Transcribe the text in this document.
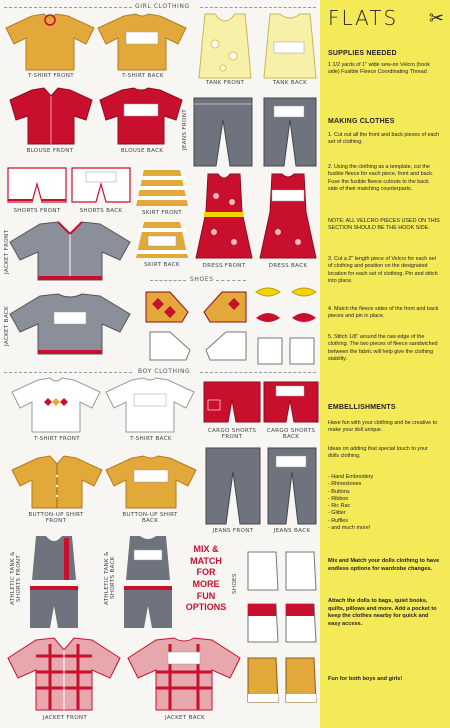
GIRL CLOTHING
T-SHIRT FRONT	T-SHIRT BACK
TANK FRONT	TANK BACK
BLOUSE FRONT	BLOUSE BACK
JEANS FRONT
SHORTS FRONT	SHORTS BACK	SKIRT FRONT
SKIRT BACK	DRESS FRONT	DRESS BACK
JACKET FRONT
JACKET BACK
SHOES
BOY CLOTHING
T-SHIRT FRONT	T-SHIRT BACK
CARGO SHORTS FRONT
CARGO SHORTS BACK
BUTTON-UP SHIRT FRONT
BUTTON-UP SHIRT BACK
JEANS FRONT	JEANS BACK
ATHLETIC TANK & SHORTS FRONT	ATHLETIC TANK & SHORTS BACK
MIX &
MATCH
FOR
MORE
FUN
OPTIONS
SHOES
JACKET FRONT	JACKET BACK
FLATS ✂
SUPPLIES NEEDED
1 1/2 yards of 1" wide sew-on Velcro (hook side) Fusible Fleece Coordinating Thread
MAKING CLOTHES
1. Cut out all the front and back pieces of each set of clothing.
2. Using the clothing as a template, cut the fusible fleece for each piece, front and back. Fuse the fusible fleece cutouts to the back side of their matching counterparts.
NOTE: ALL VELCRO PIECES USED ON THIS SECTION SHOULD BE THE HOOK SIDE.
3. Cut a 2" length piece of Velcro for each set of clothing and position on the designated location for each set of clothing. Pin and stitch into place.
4. Match the fleece sides of the front and back pieces and pin in place.
5. Stitch 1/8" around the raw edge of the clothing. The two pieces of fleece sandwiched between the fabric will help give the clothing stability.
EMBELLISHMENTS
Have fun with your clothing and be creative to make your doll unique.
Ideas on adding that special touch to your dolls clothing.
- Hand Embroidery
- Rhinestones
- Buttons
- Ribbon
- Ric Rac
- Glitter
- Ruffles
- and much more!
Mix and Match your dolls clothing to have endless options for wardrobe changes.
Attach the dolls to bags, quiet books, quilts, pillows and more. Add a pocket to keep the clothes nearby for quick and easy access.
Fun for both boys and girls!
